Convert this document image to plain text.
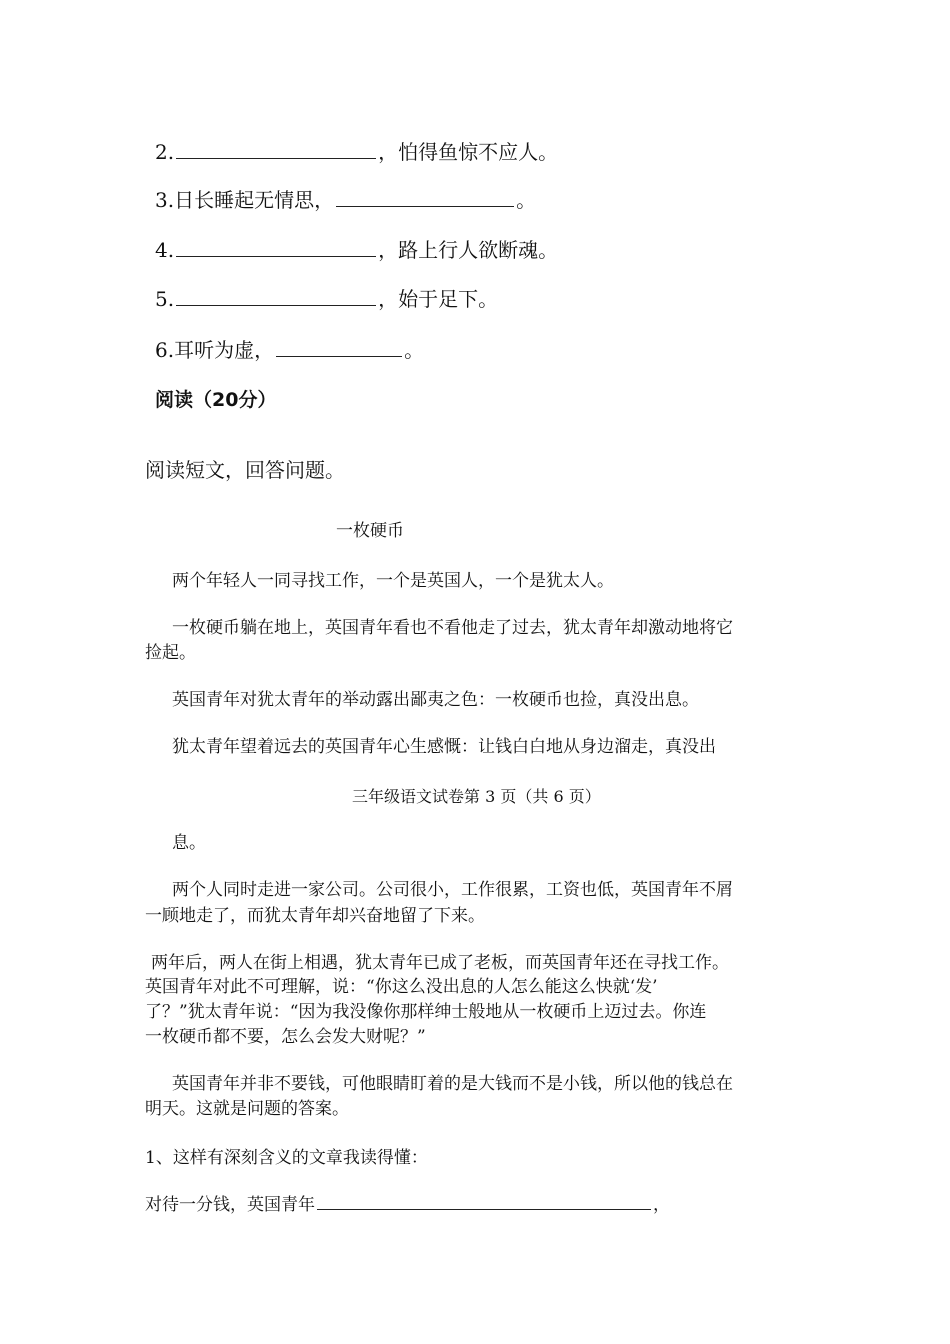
2.	，怕得鱼惊不应人。
3.日长睡起无情思，	。
4.	，路上行人欲断魂。
5.	，始于足下。
6.耳听为虚，	。
阅读（20分）
阅读短文，回答问题。
一枚硬币
两个年轻人一同寻找工作，一个是英国人，一个是犹太人。
一枚硬币躺在地上，英国青年看也不看他走了过去，犹太青年却激动地将它
捡起。
英国青年对犹太青年的举动露出鄙夷之色：一枚硬币也捡，真没出息。
犹太青年望着远去的英国青年心生感慨：让钱白白地从身边溜走，真没出
三年级语文试卷第 3 页（共 6 页）
息。
两个人同时走进一家公司。公司很小，工作很累，工资也低，英国青年不屑
一顾地走了，而犹太青年却兴奋地留了下来。
两年后，两人在街上相遇，犹太青年已成了老板，而英国青年还在寻找工作。
英国青年对此不可理解，说：“你这么没出息的人怎么能这么快就‘发’
了？”犹太青年说：“因为我没像你那样绅士般地从一枚硬币上迈过去。你连
一枚硬币都不要，怎么会发大财呢？”
英国青年并非不要钱，可他眼睛盯着的是大钱而不是小钱，所以他的钱总在
明天。这就是问题的答案。
1、这样有深刻含义的文章我读得懂：
对待一分钱，英国青年	，
